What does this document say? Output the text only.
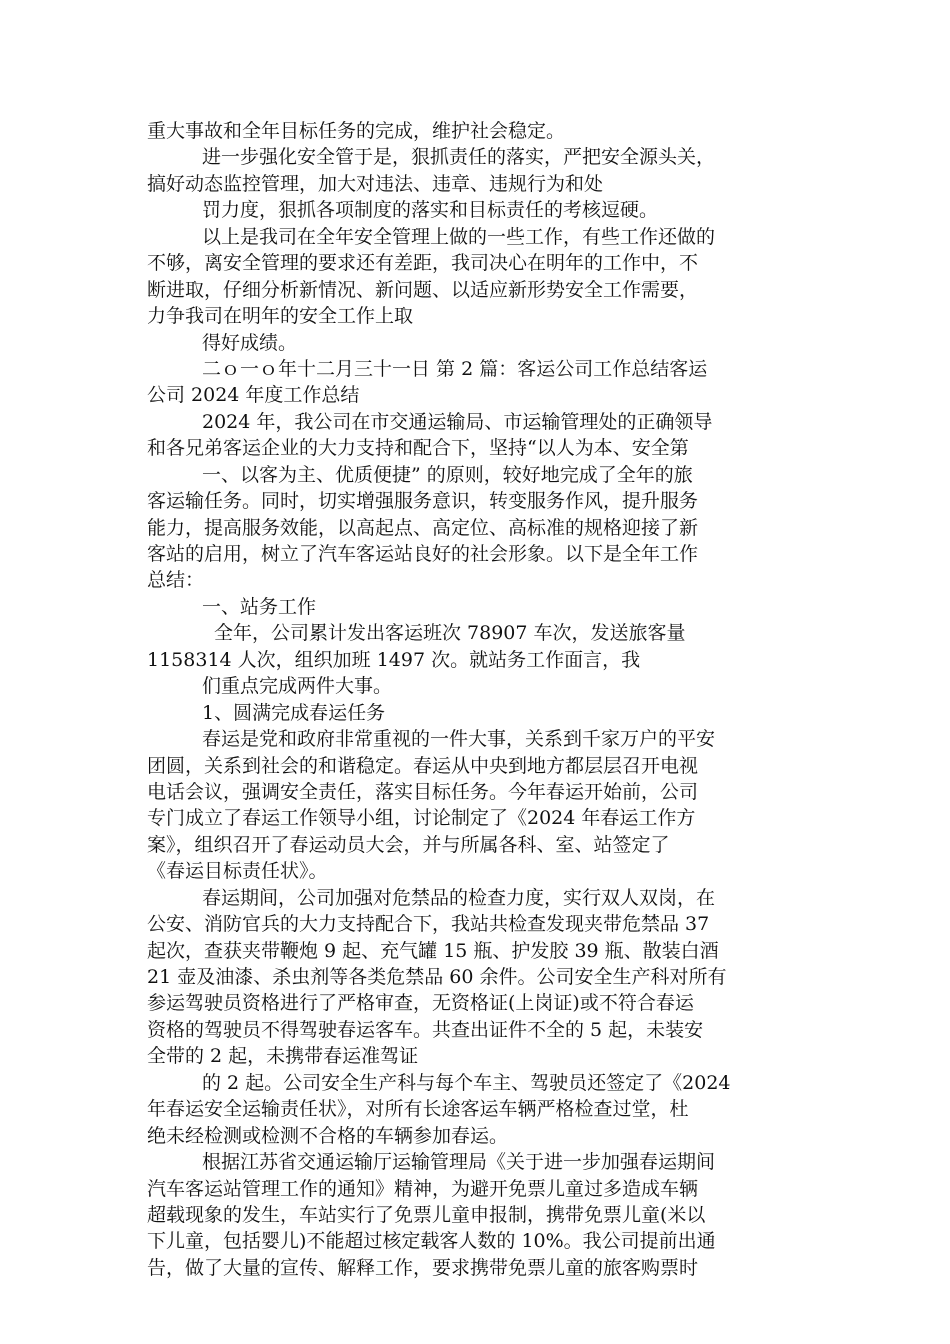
重大事故和全年目标任务的完成，维护社会稳定。
进一步强化安全管于是，狠抓责任的落实，严把安全源头关，
搞好动态监控管理，加大对违法、违章、违规行为和处
罚力度，狠抓各项制度的落实和目标责任的考核逗硬。
以上是我司在全年安全管理上做的一些工作，有些工作还做的
不够，离安全管理的要求还有差距，我司决心在明年的工作中，不
断进取，仔细分析新情况、新问题、以适应新形势安全工作需要，
力争我司在明年的安全工作上取
得好成绩。
二ｏ一ｏ年十二月三十一日 第 2 篇：客运公司工作总结客运
公司 2024 年度工作总结
2024 年，我公司在市交通运输局、市运输管理处的正确领导
和各兄弟客运企业的大力支持和配合下，坚持“以人为本、安全第
一、以客为主、优质便捷” 的原则，较好地完成了全年的旅
客运输任务。同时，切实增强服务意识，转变服务作风，提升服务
能力，提高服务效能，以高起点、高定位、高标准的规格迎接了新
客站的启用，树立了汽车客运站良好的社会形象。以下是全年工作
总结：
一、站务工作
全年，公司累计发出客运班次 78907 车次，发送旅客量
1158314 人次，组织加班 1497 次。就站务工作面言，我
们重点完成两件大事。
1、圆满完成春运任务
春运是党和政府非常重视的一件大事，关系到千家万户的平安
团圆，关系到社会的和谐稳定。春运从中央到地方都层层召开电视
电话会议，强调安全责任，落实目标任务。今年春运开始前，公司
专门成立了春运工作领导小组，讨论制定了《2024 年春运工作方
案》，组织召开了春运动员大会，并与所属各科、室、站签定了
《春运目标责任状》。
春运期间，公司加强对危禁品的检查力度，实行双人双岗，在
公安、消防官兵的大力支持配合下，我站共检查发现夹带危禁品 37
起次，查获夹带鞭炮 9 起、充气罐 15 瓶、护发胶 39 瓶、散装白酒
21 壶及油漆、杀虫剂等各类危禁品 60 余件。公司安全生产科对所有
参运驾驶员资格进行了严格审查，无资格证(上岗证)或不符合春运
资格的驾驶员不得驾驶春运客车。共查出证件不全的 5 起，未装安
全带的 2 起，未携带春运准驾证
的 2 起。公司安全生产科与每个车主、驾驶员还签定了《2024
年春运安全运输责任状》，对所有长途客运车辆严格检查过堂，杜
绝未经检测或检测不合格的车辆参加春运。
根据江苏省交通运输厅运输管理局《关于进一步加强春运期间
汽车客运站管理工作的通知》精神，为避开免票儿童过多造成车辆
超载现象的发生，车站实行了免票儿童申报制，携带免票儿童(米以
下儿童，包括婴儿)不能超过核定载客人数的 10%。我公司提前出通
告，做了大量的宣传、解释工作，要求携带免票儿童的旅客购票时
